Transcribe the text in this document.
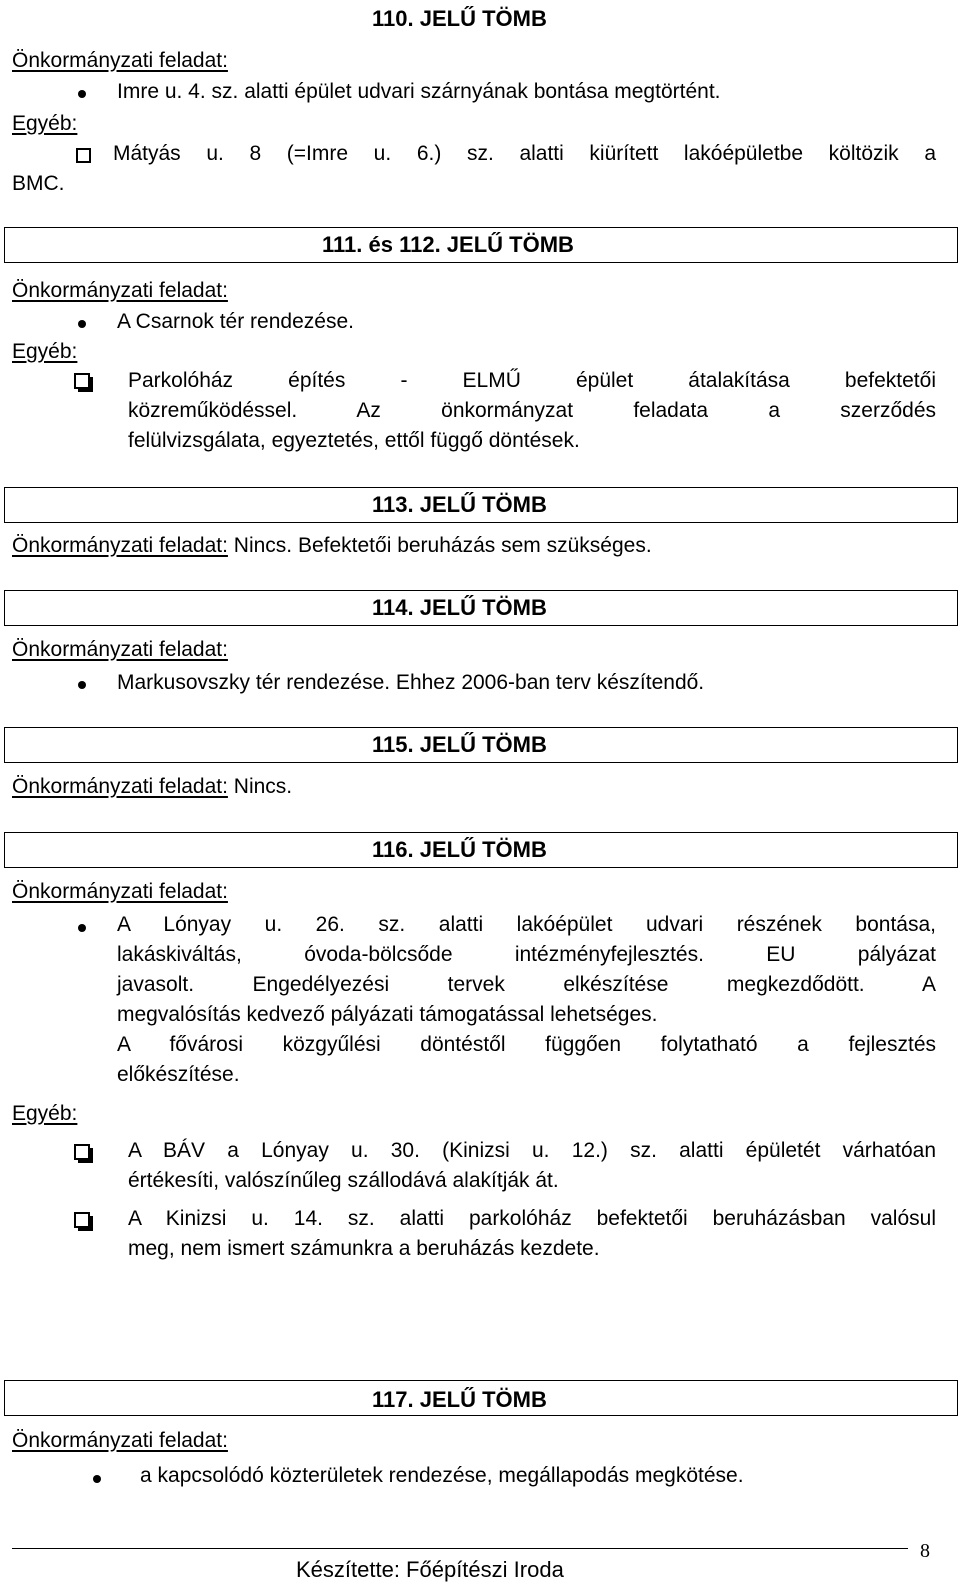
110. JELŰ TÖMB
Önkormányzati feladat:
Imre u. 4. sz. alatti épület udvari szárnyának bontása megtörtént.
Egyéb:
Mátyás u. 8 (=Imre u. 6.) sz. alatti kiürített lakóépületbe költözik a
BMC.
111. és 112. JELŰ TÖMB
Önkormányzati feladat:
A Csarnok tér rendezése.
Egyéb:
Parkolóház építés - ELMŰ épület átalakítása befektetői
közreműködéssel. Az önkormányzat feladata a szerződés
felülvizsgálata, egyeztetés, ettől függő döntések.
113. JELŰ TÖMB
Önkormányzati feladat: Nincs. Befektetői beruházás sem szükséges.
114. JELŰ TÖMB
Önkormányzati feladat:
Markusovszky tér rendezése. Ehhez 2006-ban terv készítendő.
115. JELŰ TÖMB
Önkormányzati feladat: Nincs.
116. JELŰ TÖMB
Önkormányzati feladat:
A Lónyay u. 26. sz. alatti lakóépület udvari részének bontása,
lakáskiváltás, óvoda-bölcsőde intézményfejlesztés. EU pályázat
javasolt. Engedélyezési tervek elkészítése megkezdődött. A
megvalósítás kedvező pályázati támogatással lehetséges.
A fővárosi közgyűlési döntéstől függően folytatható a fejlesztés
előkészítése.
Egyéb:
A BÁV a Lónyay u. 30. (Kinizsi u. 12.) sz. alatti épületét várhatóan
értékesíti, valószínűleg szállodává alakítják át.
A Kinizsi u. 14. sz. alatti parkolóház befektetői beruházásban valósul
meg, nem ismert számunkra a beruházás kezdete.
117. JELŰ TÖMB
Önkormányzati feladat:
a kapcsolódó közterületek rendezése, megállapodás megkötése.
Készítette: Főépítészi Iroda
8
